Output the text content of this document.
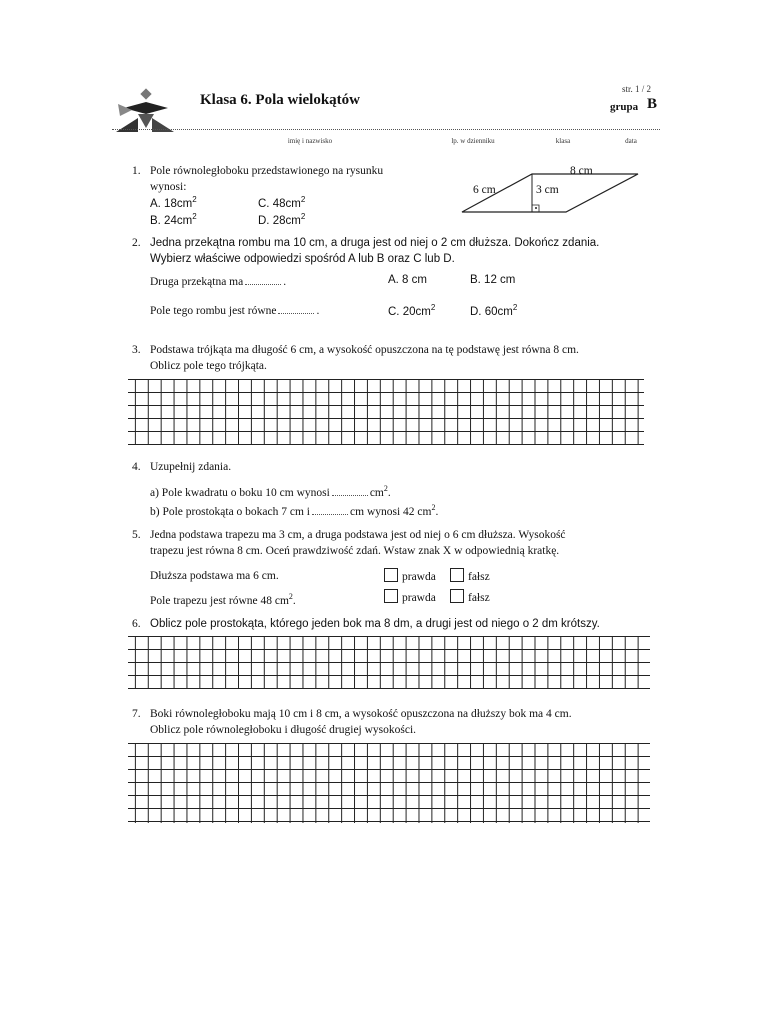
Klasa 6. Pola wielokątów
str. 1 / 2
grupa B
imię i nazwisko	lp. w dzienniku	klasa	data
1. Pole równoległoboku przedstawionego na rysunku
wynosi:
A. $18cm^2$
B. $24cm^2$
C. $48cm^2$
D. $28cm^2$
8 cm
6 cm	3 cm
2. Jedna przekątna rombu ma 10 cm, a druga jest od niej o 2 cm dłuższa. Dokończ zdania.
Wybierz właściwe odpowiedzi spośród A lub B oraz C lub D.
Druga przekątna ma	.	A. 8 cm	B. 12 cm
Pole tego rombu jest równe	.	C. $20cm^2$	D. $60cm^2$
3. Podstawa trójkąta ma długość 6 cm, a wysokość opuszczona na tę podstawę jest równa 8 cm.
Oblicz pole tego trójkąta.
4. Uzupełnij zdania.
a) Pole kwadratu o boku 10 cm wynosi	$cm^2$.
b) Pole prostokąta o bokach 7 cm i	cm wynosi 42 $cm^2$.
5. Jedna podstawa trapezu ma 3 cm, a druga podstawa jest od niej o 6 cm dłuższa. Wysokość
trapezu jest równa 8 cm. Oceń prawdziwość zdań. Wstaw znak X w odpowiednią kratkę.
Dłuższa podstawa ma 6 cm.	prawda	fałsz
Pole trapezu jest równe 48 $cm^2$.	prawda	fałsz
6. Oblicz pole prostokąta, którego jeden bok ma 8 dm, a drugi jest od niego o 2 dm krótszy.
7. Boki równoległoboku mają 10 cm i 8 cm, a wysokość opuszczona na dłuższy bok ma 4 cm.
Oblicz pole równoległoboku i długość drugiej wysokości.
